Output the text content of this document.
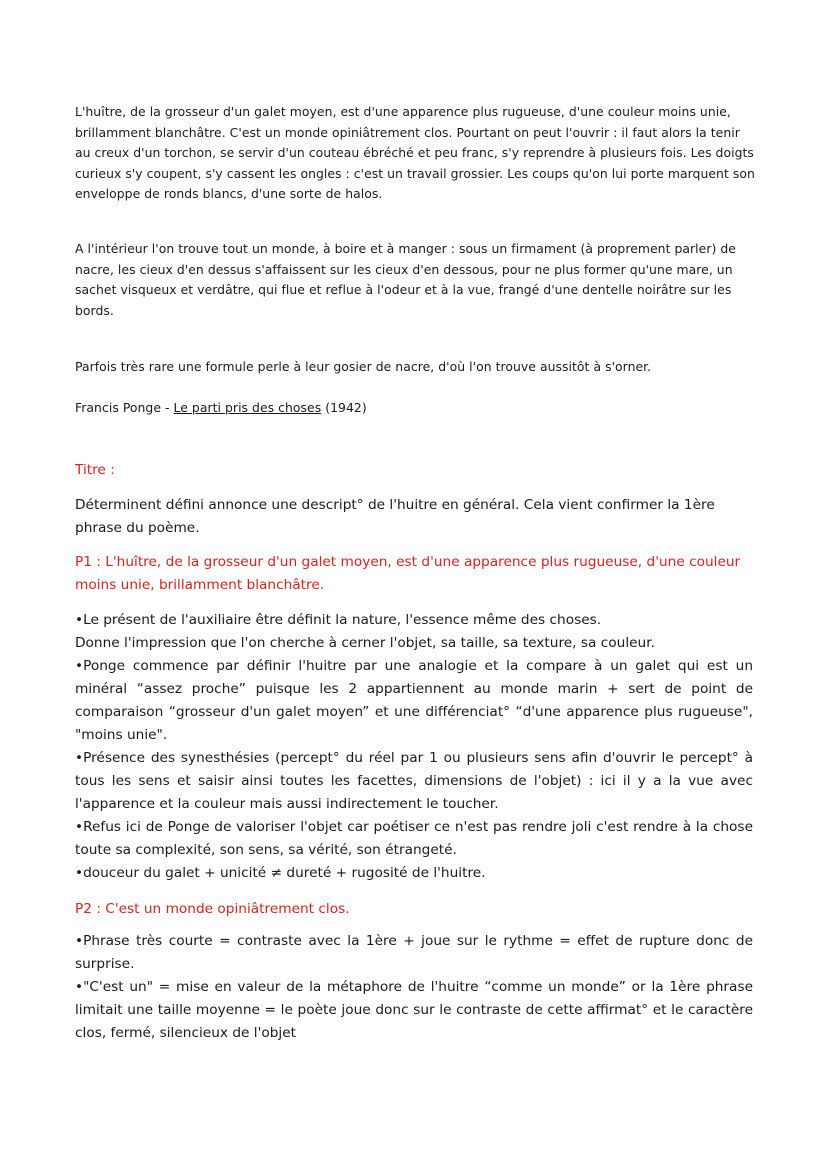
L'huître, de la grosseur d'un galet moyen, est d'une apparence plus rugueuse, d'une couleur moins unie, brillamment blanchâtre. C'est un monde opiniâtrement clos. Pourtant on peut l'ouvrir : il faut alors la tenir au creux d'un torchon, se servir d'un couteau ébréché et peu franc, s'y reprendre à plusieurs fois. Les doigts curieux s'y coupent, s'y cassent les ongles : c'est un travail grossier. Les coups qu'on lui porte marquent son enveloppe de ronds blancs, d'une sorte de halos.

A l'intérieur l'on trouve tout un monde, à boire et à manger : sous un firmament (à proprement parler) de nacre, les cieux d'en dessus s'affaissent sur les cieux d'en dessous, pour ne plus former qu'une mare, un sachet visqueux et verdâtre, qui flue et reflue à l'odeur et à la vue, frangé d'une dentelle noirâtre sur les bords.

Parfois très rare une formule perle à leur gosier de nacre, d'où l'on trouve aussitôt à s'orner.

Francis Ponge - Le parti pris des choses (1942)

Titre :

Déterminent défini annonce une descript° de l'huitre en général. Cela vient confirmer la 1ère phrase du poème.

P1 : L'huître, de la grosseur d'un galet moyen, est d'une apparence plus rugueuse, d'une couleur moins unie, brillamment blanchâtre.

•Le présent de l'auxiliaire être définit la nature, l'essence même des choses.
Donne l'impression que l'on cherche à cerner l'objet, sa taille, sa texture, sa couleur.
•Ponge commence par définir l'huitre par une analogie et la compare à un galet qui est un minéral “assez proche” puisque les 2 appartiennent au monde marin + sert de point de comparaison “grosseur d'un galet moyen” et une différenciat° “d'une apparence plus rugueuse", "moins unie".
•Présence des synesthésies (percept° du réel par 1 ou plusieurs sens afin d'ouvrir le percept° à tous les sens et saisir ainsi toutes les facettes, dimensions de l'objet) : ici il y a la vue avec l'apparence et la couleur mais aussi indirectement le toucher.
•Refus ici de Ponge de valoriser l'objet car poétiser ce n'est pas rendre joli c'est rendre à la chose toute sa complexité, son sens, sa vérité, son étrangeté.
•douceur du galet + unicité ≠ dureté + rugosité de l'huitre.

P2 : C'est un monde opiniâtrement clos.

•Phrase très courte = contraste avec la 1ère + joue sur le rythme = effet de rupture donc de surprise.
•"C'est un" = mise en valeur de la métaphore de l'huitre “comme un monde” or la 1ère phrase limitait une taille moyenne = le poète joue donc sur le contraste de cette affirmat° et le caractère clos, fermé, silencieux de l'objet
